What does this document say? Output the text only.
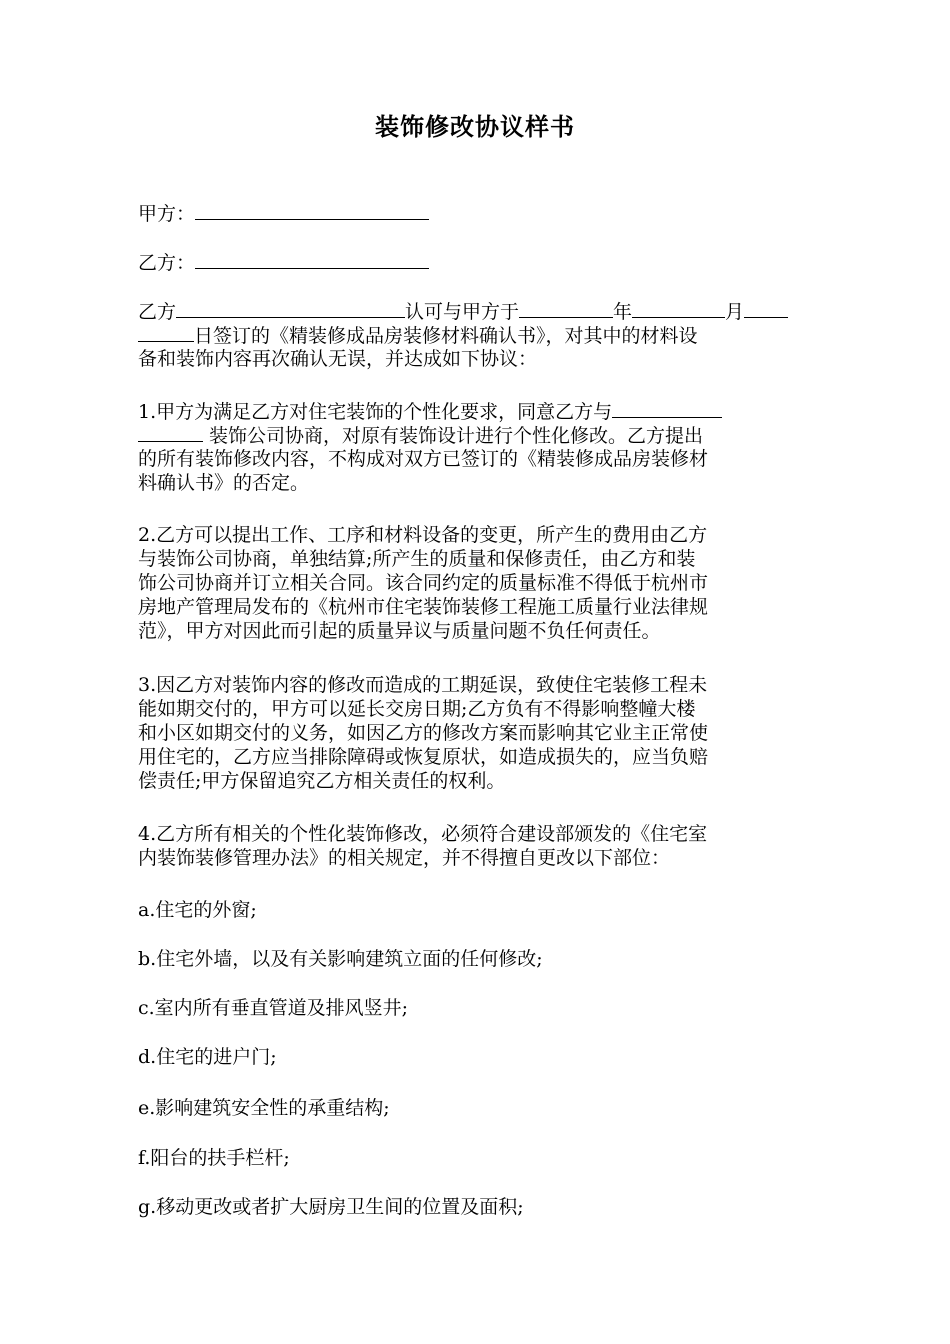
装饰修改协议样书
甲方：
乙方：
乙方	认可与甲方于	年	月
日签订的《精装修成品房装修材料确认书》，对其中的材料设
备和装饰内容再次确认无误，并达成如下协议：
1.甲方为满足乙方对住宅装饰的个性化要求，同意乙方与
装饰公司协商，对原有装饰设计进行个性化修改。乙方提出
的所有装饰修改内容，不构成对双方已签订的《精装修成品房装修材
料确认书》的否定。
2.乙方可以提出工作、工序和材料设备的变更，所产生的费用由乙方
与装饰公司协商，单独结算;所产生的质量和保修责任，由乙方和装
饰公司协商并订立相关合同。该合同约定的质量标准不得低于杭州市
房地产管理局发布的《杭州市住宅装饰装修工程施工质量行业法律规
范》，甲方对因此而引起的质量异议与质量问题不负任何责任。
3.因乙方对装饰内容的修改而造成的工期延误，致使住宅装修工程未
能如期交付的，甲方可以延长交房日期;乙方负有不得影响整幢大楼
和小区如期交付的义务，如因乙方的修改方案而影响其它业主正常使
用住宅的，乙方应当排除障碍或恢复原状，如造成损失的，应当负赔
偿责任;甲方保留追究乙方相关责任的权利。
4.乙方所有相关的个性化装饰修改，必须符合建设部颁发的《住宅室
内装饰装修管理办法》的相关规定，并不得擅自更改以下部位：
a.住宅的外窗;
b.住宅外墙，以及有关影响建筑立面的任何修改;
c.室内所有垂直管道及排风竖井;
d.住宅的进户门;
e.影响建筑安全性的承重结构;
f.阳台的扶手栏杆;
g.移动更改或者扩大厨房卫生间的位置及面积;
